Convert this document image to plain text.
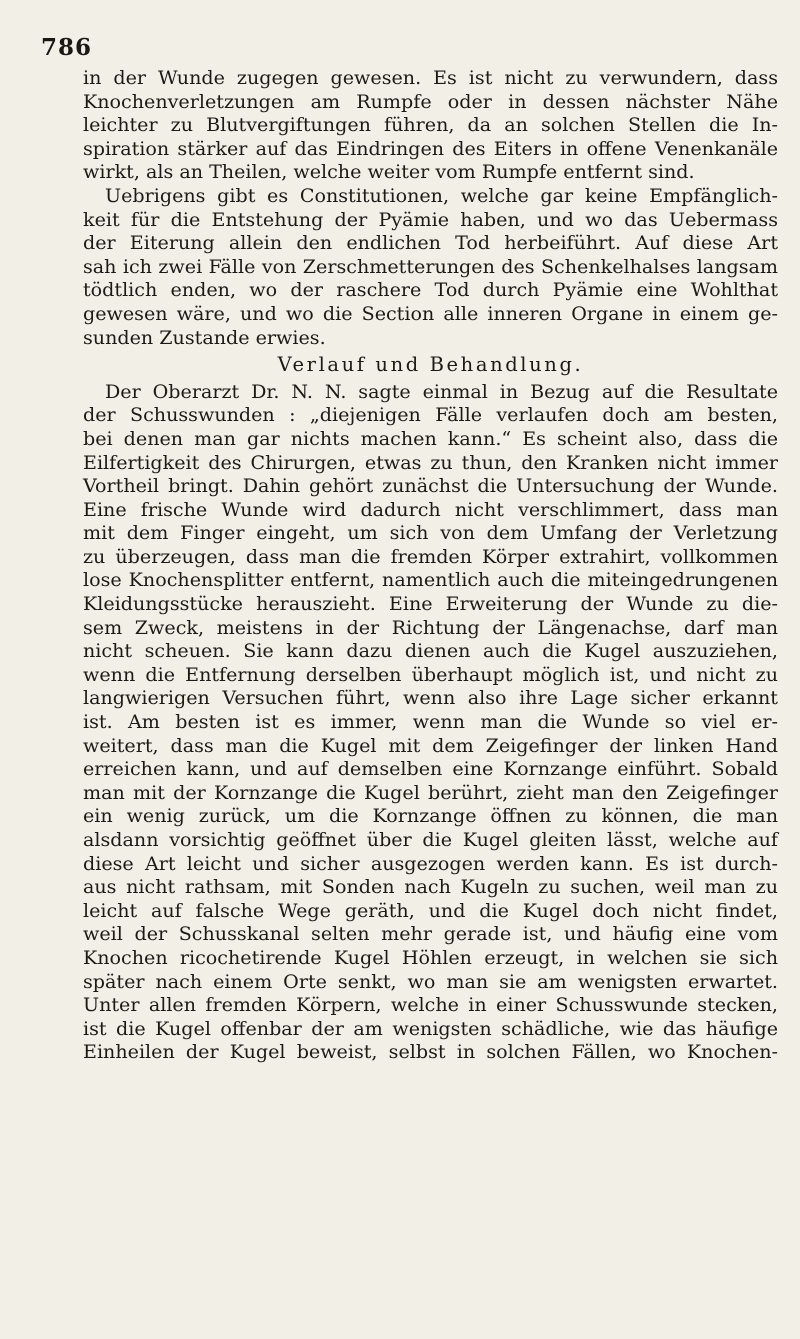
786
in der Wunde zugegen gewesen. Es ist nicht zu verwundern, dass
Knochenverletzungen am Rumpfe oder in dessen nächster Nähe
leichter zu Blutvergiftungen führen, da an solchen Stellen die In-
spiration stärker auf das Eindringen des Eiters in offene Venenkanäle
wirkt, als an Theilen, welche weiter vom Rumpfe entfernt sind.
Uebrigens gibt es Constitutionen, welche gar keine Empfänglich-
keit für die Entstehung der Pyämie haben, und wo das Uebermass
der Eiterung allein den endlichen Tod herbeiführt. Auf diese Art
sah ich zwei Fälle von Zerschmetterungen des Schenkelhalses langsam
tödtlich enden, wo der raschere Tod durch Pyämie eine Wohlthat
gewesen wäre, und wo die Section alle inneren Organe in einem ge-
sunden Zustande erwies.
Verlauf und Behandlung.
Der Oberarzt Dr. N. N. sagte einmal in Bezug auf die Resultate
der Schusswunden : „diejenigen Fälle verlaufen doch am besten,
bei denen man gar nichts machen kann.“ Es scheint also, dass die
Eilfertigkeit des Chirurgen, etwas zu thun, den Kranken nicht immer
Vortheil bringt. Dahin gehört zunächst die Untersuchung der Wunde.
Eine frische Wunde wird dadurch nicht verschlimmert, dass man
mit dem Finger eingeht, um sich von dem Umfang der Verletzung
zu überzeugen, dass man die fremden Körper extrahirt, vollkommen
lose Knochensplitter entfernt, namentlich auch die miteingedrungenen
Kleidungsstücke herauszieht. Eine Erweiterung der Wunde zu die-
sem Zweck, meistens in der Richtung der Längenachse, darf man
nicht scheuen. Sie kann dazu dienen auch die Kugel auszuziehen,
wenn die Entfernung derselben überhaupt möglich ist, und nicht zu
langwierigen Versuchen führt, wenn also ihre Lage sicher erkannt
ist. Am besten ist es immer, wenn man die Wunde so viel er-
weitert, dass man die Kugel mit dem Zeigefinger der linken Hand
erreichen kann, und auf demselben eine Kornzange einführt. Sobald
man mit der Kornzange die Kugel berührt, zieht man den Zeigefinger
ein wenig zurück, um die Kornzange öffnen zu können, die man
alsdann vorsichtig geöffnet über die Kugel gleiten lässt, welche auf
diese Art leicht und sicher ausgezogen werden kann. Es ist durch-
aus nicht rathsam, mit Sonden nach Kugeln zu suchen, weil man zu
leicht auf falsche Wege geräth, und die Kugel doch nicht findet,
weil der Schusskanal selten mehr gerade ist, und häufig eine vom
Knochen ricochetirende Kugel Höhlen erzeugt, in welchen sie sich
später nach einem Orte senkt, wo man sie am wenigsten erwartet.
Unter allen fremden Körpern, welche in einer Schusswunde stecken,
ist die Kugel offenbar der am wenigsten schädliche, wie das häufige
Einheilen der Kugel beweist, selbst in solchen Fällen, wo Knochen-
